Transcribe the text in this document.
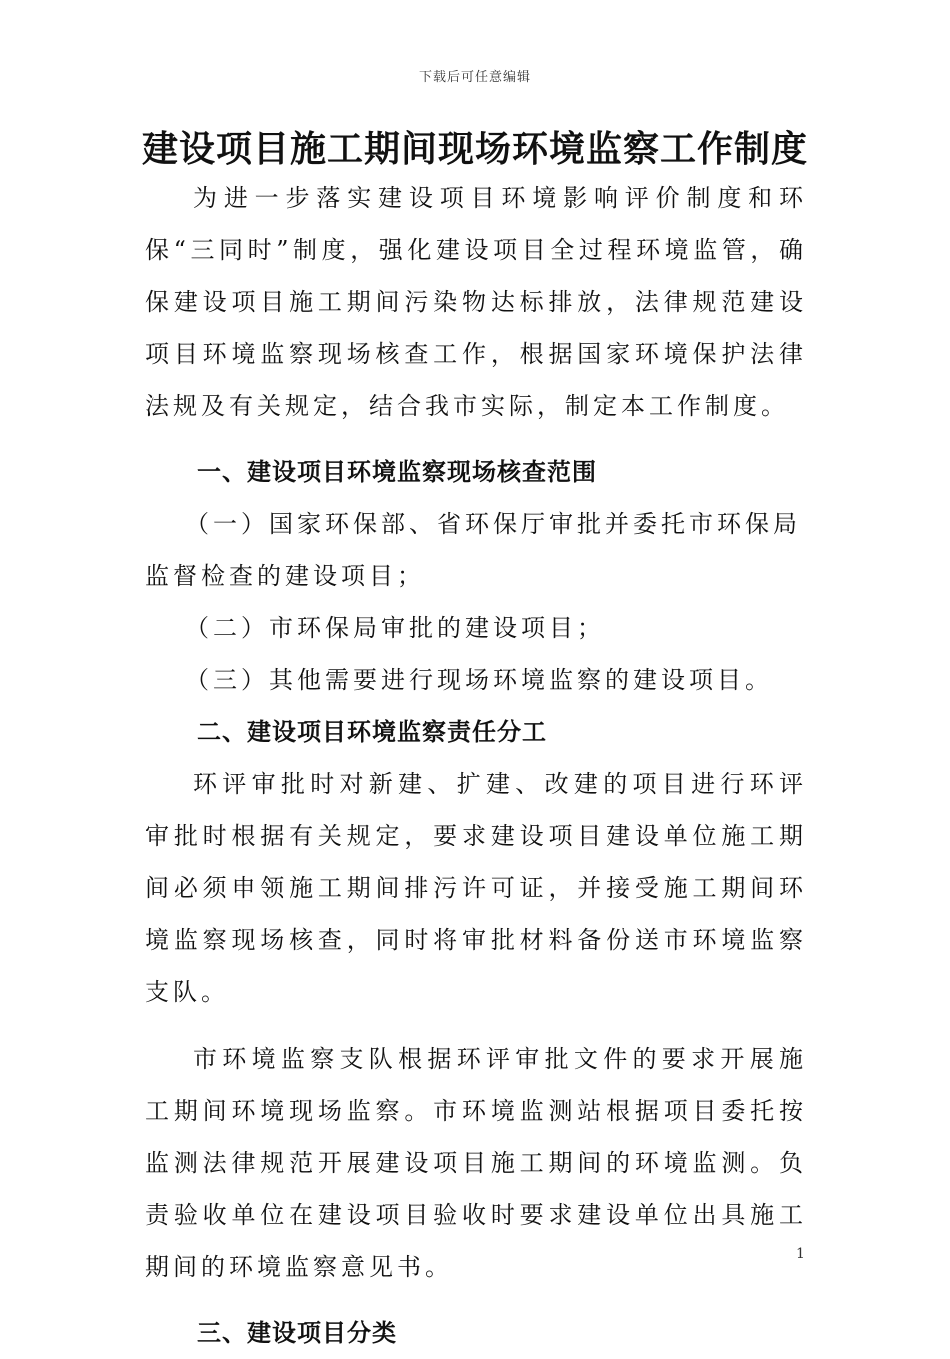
下载后可任意编辑
建设项目施工期间现场环境监察工作制度

为进一步落实建设项目环境影响评价制度和环保“三同时”制度，强化建设项目全过程环境监管，确保建设项目施工期间污染物达标排放，法律规范建设项目环境监察现场核查工作，根据国家环境保护法律法规及有关规定，结合我市实际，制定本工作制度。

一、建设项目环境监察现场核查范围

（一）国家环保部、省环保厅审批并委托市环保局监督检查的建设项目；

（二）市环保局审批的建设项目；

（三）其他需要进行现场环境监察的建设项目。

二、建设项目环境监察责任分工

环评审批时对新建、扩建、改建的项目进行环评审批时根据有关规定，要求建设项目建设单位施工期间必须申领施工期间排污许可证，并接受施工期间环境监察现场核查，同时将审批材料备份送市环境监察支队。

市环境监察支队根据环评审批文件的要求开展施工期间环境现场监察。市环境监测站根据项目委托按监测法律规范开展建设项目施工期间的环境监测。负责验收单位在建设项目验收时要求建设单位出具施工期间的环境监察意见书。

三、建设项目分类

1
